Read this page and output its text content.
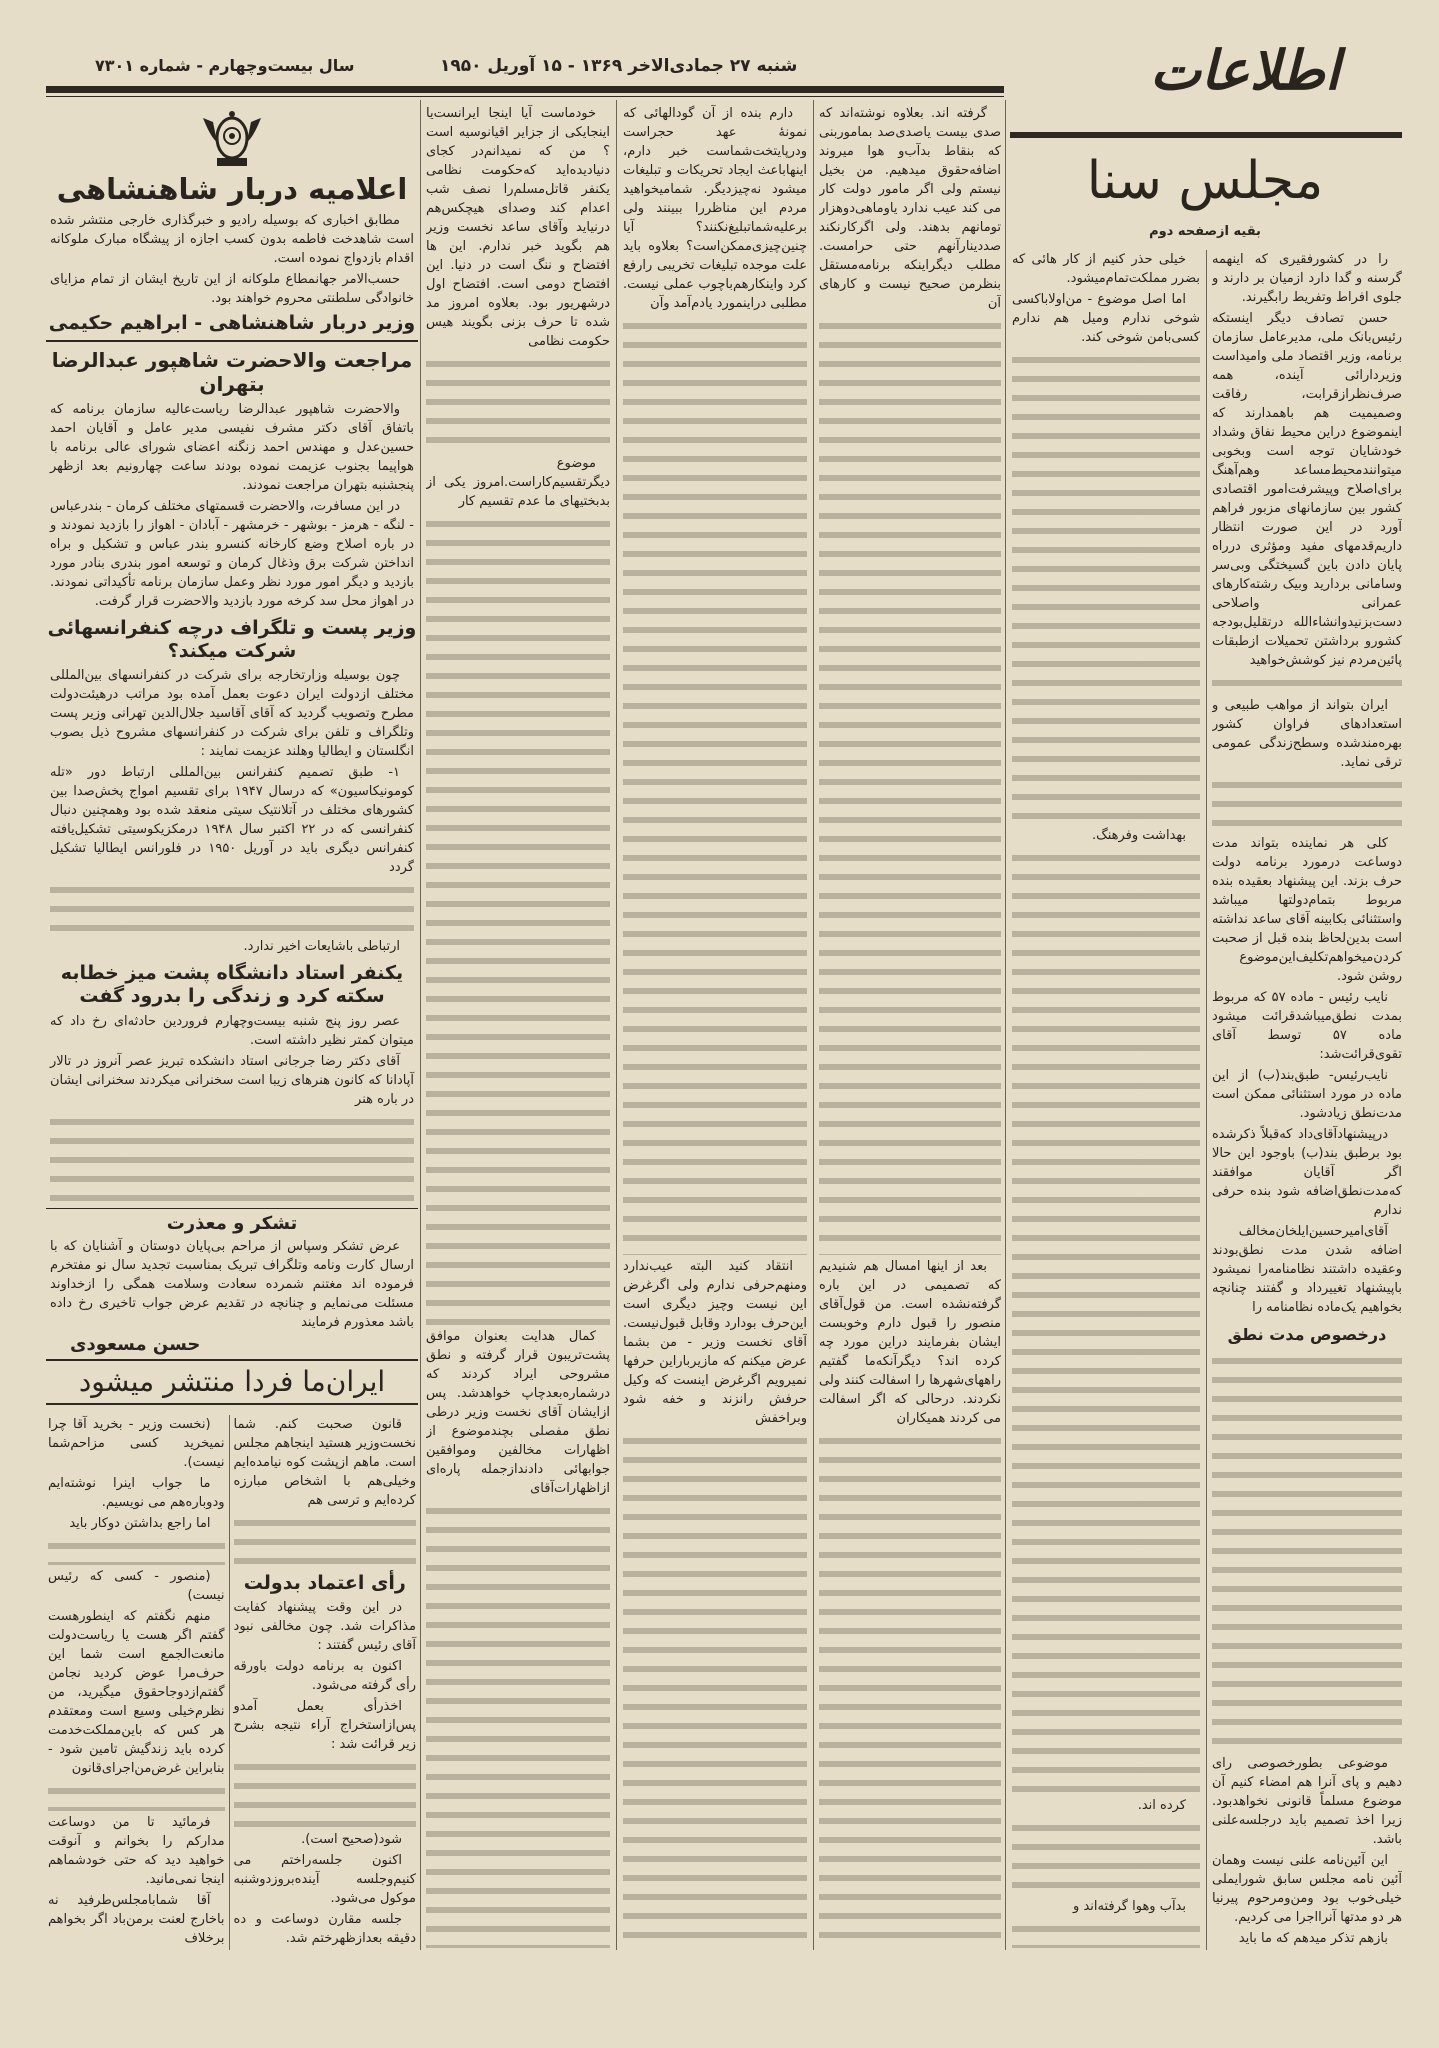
سال بیست‌وچهارم - شماره ۷۳۰۱	شنبه ۲۷ جمادی‌الاخر ۱۳۶۹ - ۱۵ آوریل ۱۹۵۰	اطلاعات
اعلامیه دربار شاهنشاهی

مطابق اخباری که بوسیله رادیو و خبرگذاری خارجی منتشر شده است شاهدخت فاطمه بدون کسب اجازه از پیشگاه مبارک ملوکانه اقدام بازدواج نموده است.

حسب‌الامر جهانمطاع ملوکانه از این تاریخ ایشان از تمام مزایای خانوادگی سلطنتی محروم خواهند بود.

وزیر دربار شاهنشاهی - ابراهیم حکیمی
مراجعت والاحضرت شاهپور عبدالرضا بتهران

والاحضرت شاهپور عبدالرضا ریاست‌عالیه سازمان برنامه که باتفاق آقای دکتر مشرف نفیسی مدیر عامل و آقایان احمد حسین‌عدل و مهندس احمد زنگنه اعضای شورای عالی برنامه با هواپیما بجنوب عزیمت نموده بودند ساعت چهارونیم بعد ازظهر پنجشنبه بتهران مراجعت نمودند.

در این مسافرت، والاحضرت قسمتهای مختلف کرمان - بندرعباس - لنگه - هرمز - بوشهر - خرمشهر - آبادان - اهواز را بازدید نمودند و در باره اصلاح وضع کارخانه کنسرو بندر عباس و تشکیل و براه انداختن شرکت برق وذغال کرمان و توسعه امور بندری بنادر مورد بازدید و دیگر امور مورد نظر وعمل سازمان برنامه تأکیداتی نمودند. در اهواز محل سد کرخه مورد بازدید والاحضرت قرار گرفت.

وزیر پست و تلگراف درچه کنفرانسهائی شرکت میکند؟

چون بوسیله وزارتخارجه برای شرکت در کنفرانسهای بین‌المللی مختلف ازدولت ایران دعوت بعمل آمده بود مراتب درهیئت‌دولت مطرح وتصویب گردید که آقای آقاسید جلال‌الدین تهرانی وزیر پست وتلگراف و تلفن برای شرکت در کنفرانسهای مشروح ذیل بصوب انگلستان و ایطالیا وهلند عزیمت نمایند :

۱- طبق تصمیم کنفرانس بین‌المللی ارتباط دور «تله کومونیکاسیون» که درسال ۱۹۴۷ برای تقسیم امواج پخش‌صدا بین کشورهای مختلف در آتلانتیک سیتی منعقد شده بود وهمچنین دنبال کنفرانسی که در ۲۲ اکتبر سال ۱۹۴۸ درمکزیکوسیتی تشکیل‌یافته کنفرانس دیگری باید در آوریل ۱۹۵۰ در فلورانس ایطالیا تشکیل گردد

ارتباطی باشایعات اخیر ندارد.

یکنفر استاد دانشگاه پشت میز خطابه
سکته کرد و زندگی را بدرود گفت

عصر روز پنج شنبه بیست‌وچهارم فروردین حادثه‌ای رخ داد که میتوان کمتر نظیر داشته است.

آقای دکتر رضا جرجانی استاد دانشکده تبریز عصر آنروز در تالار آپادانا که کانون هنرهای زیبا است سخنرانی میکردند سخنرانی ایشان در باره هنر

تشکر و معذرت

عرض تشکر وسپاس از مراحم بی‌پایان دوستان و آشنایان که با ارسال کارت ونامه وتلگراف تبریک بمناسبت تجدید سال نو مفتخرم فرموده اند مغتنم شمرده سعادت وسلامت همگی را ازخداوند مسئلت می‌نمایم و چنانچه در تقدیم عرض جواب تاخیری رخ داده باشد معذورم فرمایند

حسن مسعودی
ایران‌ما فردا منتشر میشود

قانون صحبت کنم. شما نخست‌وزیر هستید اینجاهم مجلس است. ماهم ازپشت کوه نیامده‌ایم وخیلی‌هم با اشخاص مبارزه کرده‌ایم و ترسی هم

رأی اعتماد بدولت

در این وقت پیشنهاد کفایت مذاکرات شد. چون مخالفی نبود آقای رئیس گفتند :

اکنون به برنامه دولت باورقه رأی گرفته می‌شود.

اخذرأی بعمل آمدو پس‌ازاستخراج آراء نتیجه بشرح زیر قرائت شد :

شود(صحیح است).

اکنون جلسه‌راختم می کنیم‌وجلسه آینده‌بروزدوشنبه موکول می‌شود.

جلسه مقارن دوساعت و ده دقیقه بعدازظهرختم شد.

(نخست وزیر - بخرید آقا چرا نمیخرید کسی مزاحم‌شما نیست).

ما جواب اینرا نوشته‌ایم ودوباره‌هم می نویسیم.

اما راجع بداشتن دوکار باید

(منصور - کسی که رئیس نیست)

منهم نگفتم که اینطورهست گفتم اگر هست یا ریاست‌دولت مانعت‌الجمع است شما این حرف‌مرا عوض کردید نجامن گفتم‌ازدوجاحقوق میگیرید، من نظرم‌خیلی وسیع است ومعتقدم هر کس که باین‌مملکت‌خدمت کرده باید زندگیش تامین شود - بنابراین غرض‌من‌اجرای‌قانون

فرمائید تا من دوساعت مدارکم را بخوانم و آنوقت خواهید دید که حتی خودشماهم اینجا نمی‌مانید.

آقا شمابامجلس‌طرفید نه باخارج لعنت برمن‌باد اگر بخواهم برخلاف

گرفته اند. بعلاوه نوشته‌اند که صدی بیست یاصدی‌صد بماموربنی که بنقاط بدآب‌و هوا میروند اضافه‌حقوق میدهیم. من بخیل نیستم ولی اگر مامور دولت کار می کند عیب ندارد یاوماهی‌دوهزار تومانهم بدهند. ولی اگرکارنکند صددینارآنهم حتی حرامست. مطلب دیگراینکه برنامه‌مستقل بنظرمن صحیح نیست و کارهای آن

بعد از اینها امسال هم شنیدیم که تصمیمی در این باره گرفته‌نشده است. من قول‌آقای منصور را قبول دارم وخوبست ایشان بفرمایند دراین مورد چه کرده اند؟ دیگرآنکه‌ما گفتیم راههای‌شهرها را اسفالت کنند ولی نکردند. درحالی که اگر اسفالت می کردند همیکاران

دارم بنده از آن گودالهائی که نمونهٔ عهد حجراست ودرپایتخت‌شماست خبر دارم، اینهاباعث ایجاد تحریکات و تبلیغات میشود نه‌چیزدیگر. شمامیخواهید مردم این مناظررا ببینند ولی برعلیه‌شماتبلیغ‌نکنند؟ آیا چنین‌چیزی‌ممکن‌است؟ بعلاوه باید علت موجده تبلیغات تخریبی رارفع کرد واینکارهم‌باچوب عملی نیست. مطلبی دراینمورد یادم‌آمد وآن

انتقاد کنید البته عیب‌ندارد ومنهم‌حرفی ندارم ولی اگرغرض این نیست وچیز دیگری است این‌حرف بودارد وقابل قبول‌نیست. آقای نخست وزیر - من بشما عرض میکنم که مازیربار‌این حرفها نمیرویم اگرغرض اینست که وکیل حرفش رانزند و خفه شود وبراخفش

خودماست آیا اینجا ایرانست‌یا اینجایکی از جزایر اقیانوسیه است ؟ من که نمیدانم‌در کجای دنیادیده‌اید که‌حکومت نظامی یکنفر قاتل‌مسلم‌را نصف شب اعدام کند وصدای هیچکس‌هم درنیاید وآقای ساعد نخست وزیر هم بگوید خبر ندارم. این ها افتضاح و ننگ است در دنیا. این افتضاح دومی است. افتضاح اول درشهریور بود. بعلاوه امروز مد شده تا حرف بزنی بگویند هیس حکومت نظامی

موضوع دیگرتقسیم‌کاراست.امروز یکی از بدبختیهای ما عدم تقسیم کار

کمال هدایت بعنوان موافق پشت‌تریبون قرار گرفته و نطق مشروحی ایراد کردند که درشماره‌بعدچاپ خواهدشد. پس ازایشان آقای نخست وزیر درطی نطق مفصلی بچندموضوع از اظهارات مخالفین وموافقین جوابهائی دادندازجمله پاره‌ای ازاظهارات‌آقای

مجلس سنا
بقیه ازصفحه دوم

را در کشورفقیری که اینهمه گرسنه و گدا دارد ازمیان بر دارند و جلوی افراط وتفریط رابگیرند.

حسن تصادف دیگر اینستکه رئیس‌بانک ملی، مدیرعامل سازمان برنامه، وزیر اقتصاد ملی وامیداست وزیردارائی آینده، همه صرف‌نظرازقرابت، رفاقت وصمیمیت هم باهمدارند که اینموضوع دراین محیط نفاق وشداد خودشایان توجه است وبخوبی میتوانندمحیط‌مساعد وهم‌آهنگ برای‌اصلاح وپیشرفت‌امور اقتصادی کشور بین سازمانهای مزبور فراهم آورد در این صورت انتظار داریم‌قدمهای مفید ومؤثری درراه پایان دادن باین گسیختگی وبی‌سر وسامانی بردارید وبیک رشته‌کارهای عمرانی واصلاحی دست‌بزنیدوانشاءالله درتقلیل‌بودجه کشورو برداشتن تحمیلات ازطبقات پائین‌مردم نیز کوشش‌خواهید

ایران بتواند از مواهب طبیعی و استعدادهای فراوان کشور بهره‌مندشده وسطح‌زندگی عمومی ترقی نماید.

کلی هر نماینده بتواند مدت دوساعت درمورد برنامه دولت حرف بزند. این پیشنهاد بعقیده بنده مربوط بتمام‌دولتها میباشد واستثنائی بکابینه آقای ساعد نداشته است بدین‌لحاظ بنده قبل از صحبت کردن‌میخواهم‌تکلیف‌این‌موضوع روشن شود.

نایب رئیس - ماده ۵۷ که مربوط بمدت نطق‌میباشدقرائت میشود ماده ۵۷ توسط آقای تقوی‌قرائت‌شد:

نایب‌رئیس- طبق‌بند(ب) از این ماده در مورد استثنائی ممکن است مدت‌نطق زیادشود.

درپیشنهادآقای‌داد که‌قبلاً ذکرشده بود برطبق بند(ب) باوجود این حالا اگر آقایان موافقند که‌مدت‌نطق‌اضافه شود بنده حرفی ندارم

آقای‌امیرحسین‌ایلخان‌مخالف اضافه شدن مدت نطق‌بودند وعقیده داشتند نظامنامه‌را نمیشود باپیشنهاد تغییرداد و گفتند چنانچه بخواهیم یک‌ماده نظامنامه را

درخصوص مدت نطق

موضوعی بطورخصوصی رای دهیم و پای آنرا هم امضاء کنیم آن موضوع مسلماً قانونی نخواهدبود. زیرا اخذ تصمیم باید درجلسه‌علنی باشد.

این آئین‌نامه علنی نیست وهمان آئین نامه مجلس سابق شورایملی خیلی‌خوب بود ومن‌ومرحوم پیرنیا هر دو مدتها آنرااجرا می کردیم.

بازهم تذکر میدهم که ما باید

خیلی حذر کنیم از کار هائی که بضرر مملکت‌تمام‌میشود.

اما اصل موضوع - من‌اولاباکسی شوخی ندارم ومیل هم ندارم کسی‌بامن شوخی کند.

بهداشت وفرهنگ.

کرده اند.

بدآب وهوا گرفته‌اند و
